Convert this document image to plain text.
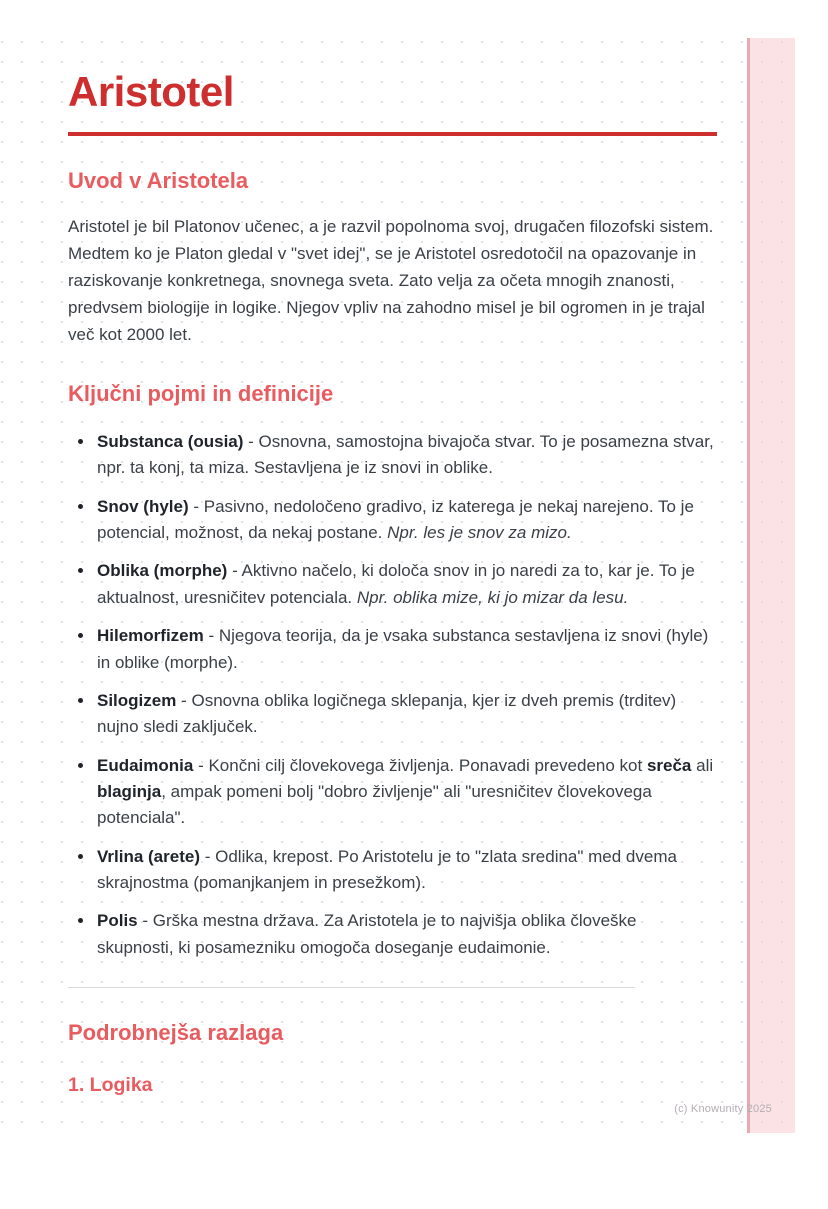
Aristotel
Uvod v Aristotela

Aristotel je bil Platonov učenec, a je razvil popolnoma svoj, drugačen filozofski sistem. Medtem ko je Platon gledal v "svet idej", se je Aristotel osredotočil na opazovanje in raziskovanje konkretnega, snovnega sveta. Zato velja za očeta mnogih znanosti, predvsem biologije in logike. Njegov vpliv na zahodno misel je bil ogromen in je trajal več kot 2000 let.

Ključni pojmi in definicije
• Substanca (ousia) - Osnovna, samostojna bivajoča stvar. To je posamezna stvar, npr. ta konj, ta miza. Sestavljena je iz snovi in oblike.
• Snov (hyle) - Pasivno, nedoločeno gradivo, iz katerega je nekaj narejeno. To je potencial, možnost, da nekaj postane. Npr. les je snov za mizo.
• Oblika (morphe) - Aktivno načelo, ki določa snov in jo naredi za to, kar je. To je aktualnost, uresničitev potenciala. Npr. oblika mize, ki jo mizar da lesu.
• Hilemorfizem - Njegova teorija, da je vsaka substanca sestavljena iz snovi (hyle) in oblike (morphe).
• Silogizem - Osnovna oblika logičnega sklepanja, kjer iz dveh premis (trditev) nujno sledi zaključek.
• Eudaimonia - Končni cilj človekovega življenja. Ponavadi prevedeno kot sreča ali blaginja, ampak pomeni bolj "dobro življenje" ali "uresničitev človekovega potenciala".
• Vrlina (arete) - Odlika, krepost. Po Aristotelu je to "zlata sredina" med dvema skrajnostma (pomanjkanjem in presežkom).
• Polis - Grška mestna država. Za Aristotela je to najvišja oblika človeške skupnosti, ki posamezniku omogoča doseganje eudaimonie.
Podrobnejša razlaga
1. Logika
(c) Knowunity 2025
